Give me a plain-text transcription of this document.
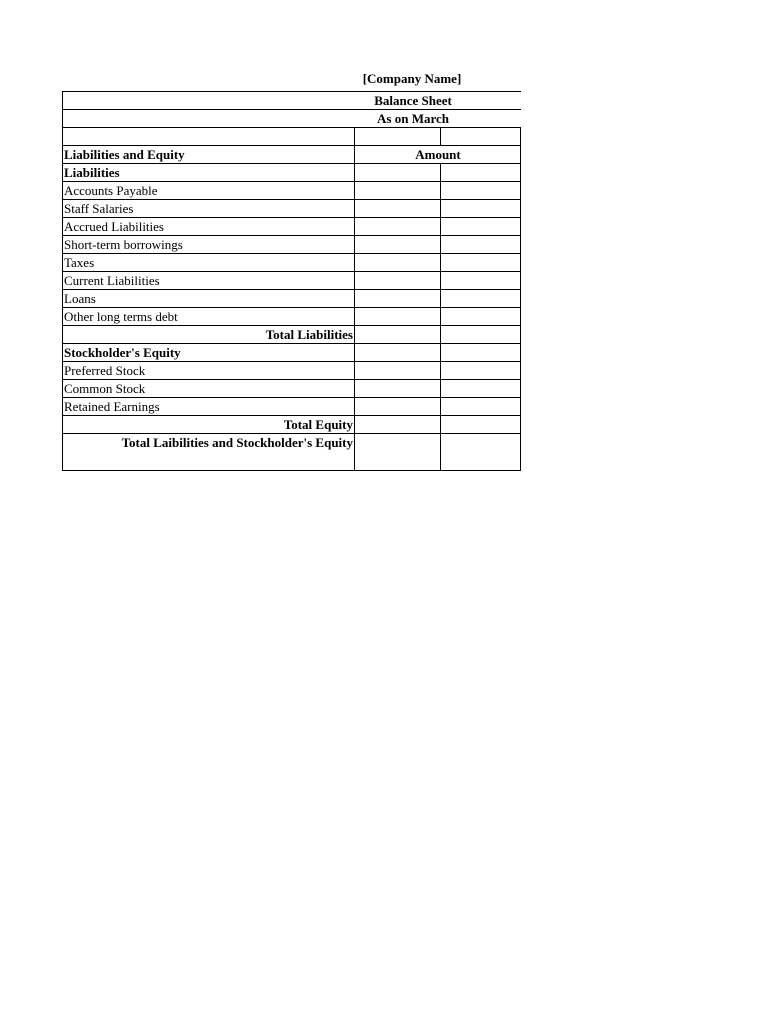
[Company Name]
Balance Sheet			
As on March			

Liabilities and Equity	Amount		
Liabilities			
Accounts Payable			
Staff Salaries			
Accrued Liabilities			
Short-term borrowings			
Taxes			
Current Liabilities			
Loans			
Other long terms debt			
Total Liabilities			
Stockholder's Equity			
Preferred Stock			
Common Stock			
Retained Earnings			
Total Equity			
Total Laibilities and Stockholder's Equity			
